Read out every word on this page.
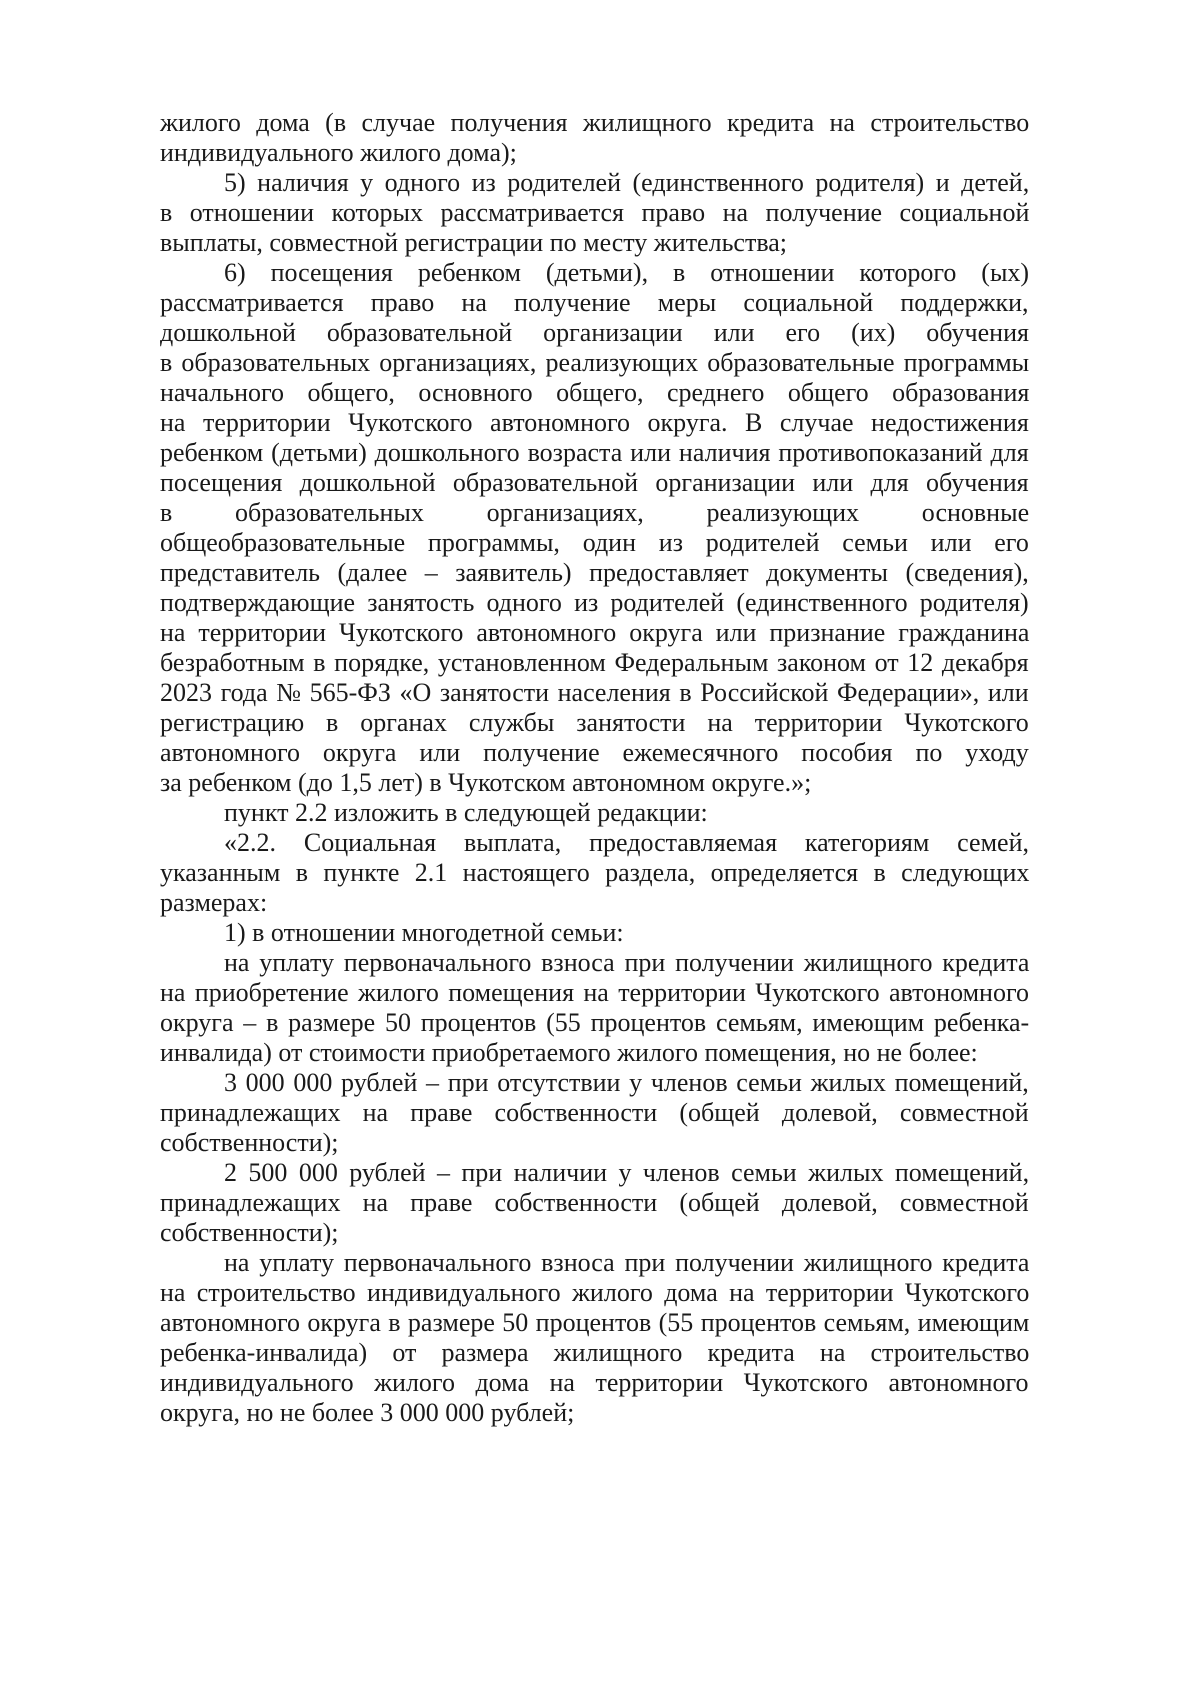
жилого дома (в случае получения жилищного кредита на строительство
индивидуального жилого дома);
5) наличия у одного из родителей (единственного родителя) и детей,
в отношении которых рассматривается право на получение социальной
выплаты, совместной регистрации по месту жительства;
6) посещения ребенком (детьми), в отношении которого (ых)
рассматривается право на получение меры социальной поддержки,
дошкольной образовательной организации или его (их) обучения
в образовательных организациях, реализующих образовательные программы
начального общего, основного общего, среднего общего образования
на территории Чукотского автономного округа. В случае недостижения
ребенком (детьми) дошкольного возраста или наличия противопоказаний для
посещения дошкольной образовательной организации или для обучения
в образовательных организациях, реализующих основные
общеобразовательные программы, один из родителей семьи или его
представитель (далее – заявитель) предоставляет документы (сведения),
подтверждающие занятость одного из родителей (единственного родителя)
на территории Чукотского автономного округа или признание гражданина
безработным в порядке, установленном Федеральным законом от 12 декабря
2023 года № 565-ФЗ «О занятости населения в Российской Федерации», или
регистрацию в органах службы занятости на территории Чукотского
автономного округа или получение ежемесячного пособия по уходу
за ребенком (до 1,5 лет) в Чукотском автономном округе.»;
пункт 2.2 изложить в следующей редакции:
«2.2. Социальная выплата, предоставляемая категориям семей,
указанным в пункте 2.1 настоящего раздела, определяется в следующих
размерах:
1) в отношении многодетной семьи:
на уплату первоначального взноса при получении жилищного кредита
на приобретение жилого помещения на территории Чукотского автономного
округа – в размере 50 процентов (55 процентов семьям, имеющим ребенка-
инвалида) от стоимости приобретаемого жилого помещения, но не более:
3 000 000 рублей – при отсутствии у членов семьи жилых помещений,
принадлежащих на праве собственности (общей долевой, совместной
собственности);
2 500 000 рублей – при наличии у членов семьи жилых помещений,
принадлежащих на праве собственности (общей долевой, совместной
собственности);
на уплату первоначального взноса при получении жилищного кредита
на строительство индивидуального жилого дома на территории Чукотского
автономного округа в размере 50 процентов (55 процентов семьям, имеющим
ребенка-инвалида) от размера жилищного кредита на строительство
индивидуального жилого дома на территории Чукотского автономного
округа, но не более 3 000 000 рублей;
